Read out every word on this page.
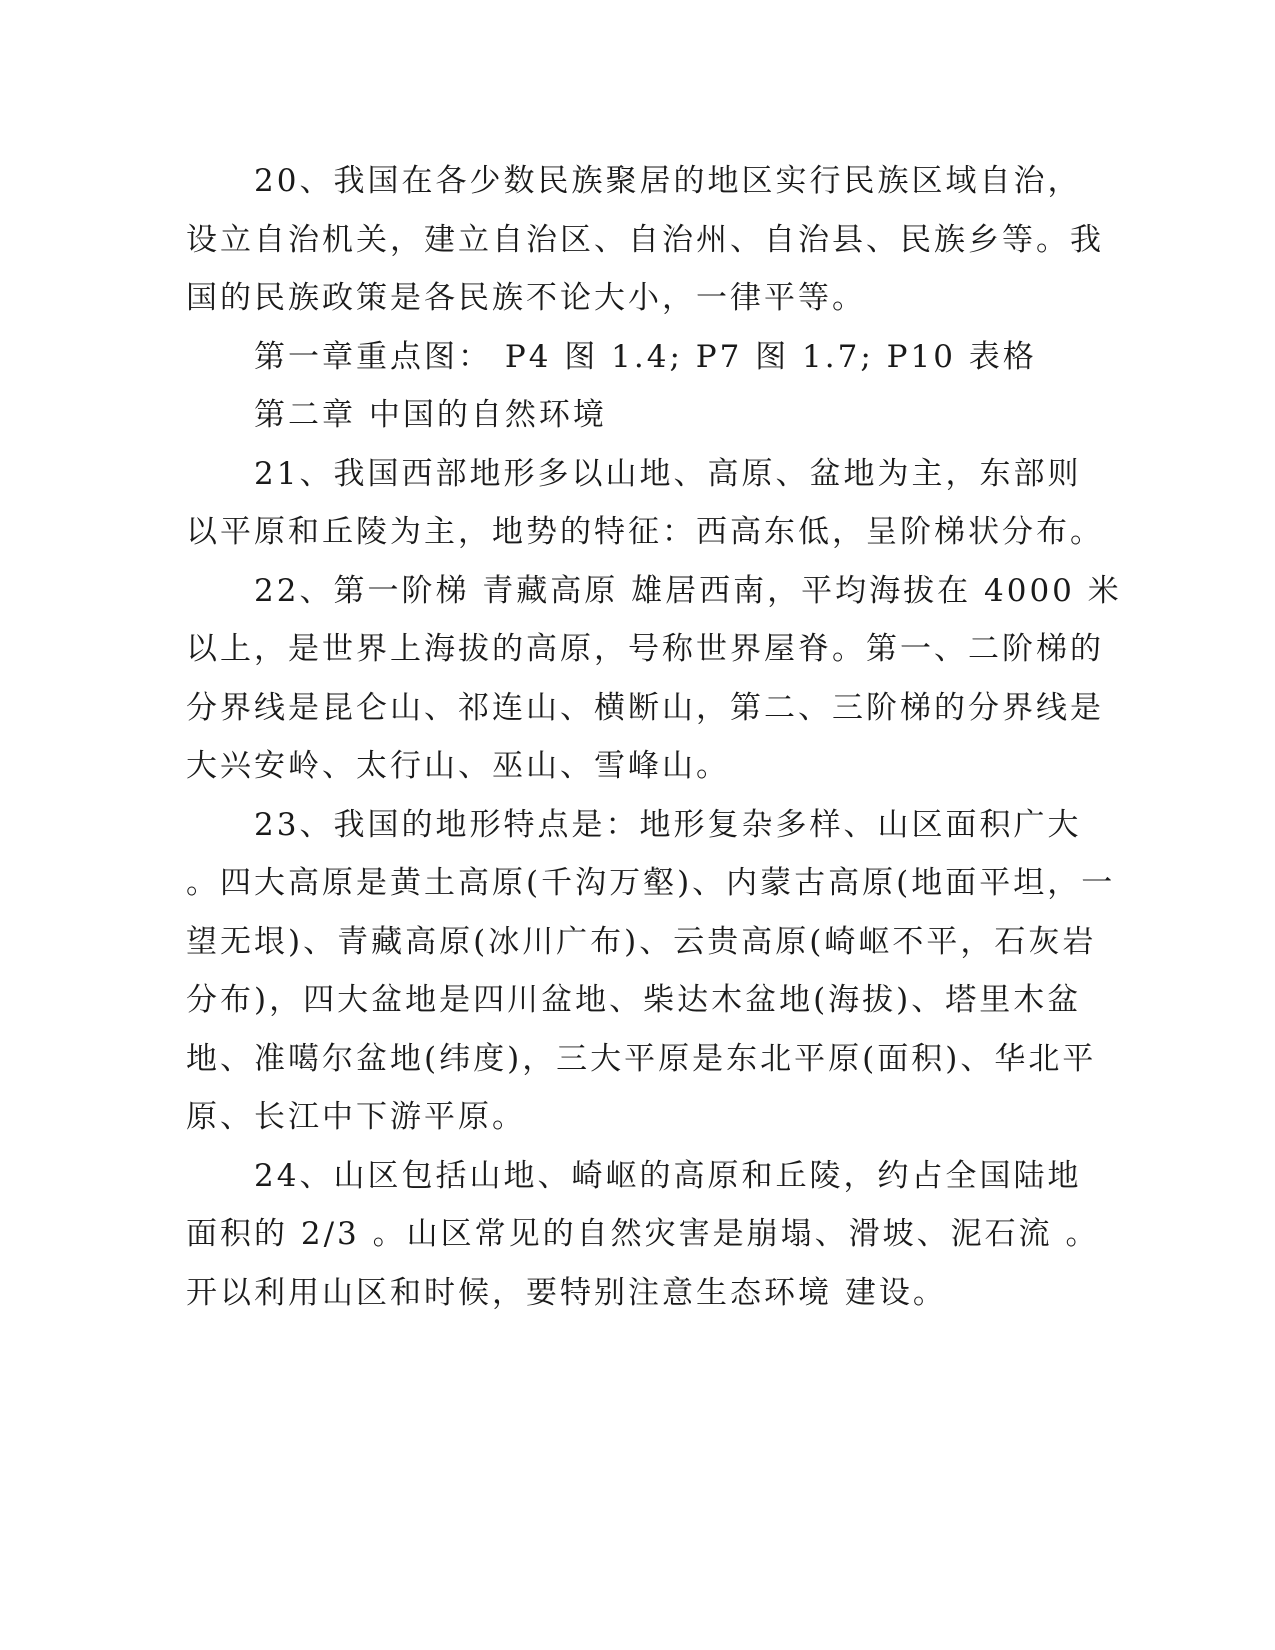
20、我国在各少数民族聚居的地区实行民族区域自治，
设立自治机关，建立自治区、自治州、自治县、民族乡等。我
国的民族政策是各民族不论大小，一律平等。
第一章重点图： P4 图 1.4; P7 图 1.7; P10 表格
第二章 中国的自然环境
21、我国西部地形多以山地、高原、盆地为主，东部则
以平原和丘陵为主，地势的特征：西高东低，呈阶梯状分布。
22、第一阶梯 青藏高原 雄居西南，平均海拔在 4000 米
以上，是世界上海拔的高原，号称世界屋脊。第一、二阶梯的
分界线是昆仑山、祁连山、横断山，第二、三阶梯的分界线是
大兴安岭、太行山、巫山、雪峰山。
23、我国的地形特点是：地形复杂多样、山区面积广大
。四大高原是黄土高原(千沟万壑)、内蒙古高原(地面平坦，一
望无垠)、青藏高原(冰川广布)、云贵高原(崎岖不平，石灰岩
分布)，四大盆地是四川盆地、柴达木盆地(海拔)、塔里木盆
地、准噶尔盆地(纬度)，三大平原是东北平原(面积)、华北平
原、长江中下游平原。
24、山区包括山地、崎岖的高原和丘陵，约占全国陆地
面积的 2/3 。山区常见的自然灾害是崩塌、滑坡、泥石流 。
开以利用山区和时候，要特别注意生态环境 建设。
